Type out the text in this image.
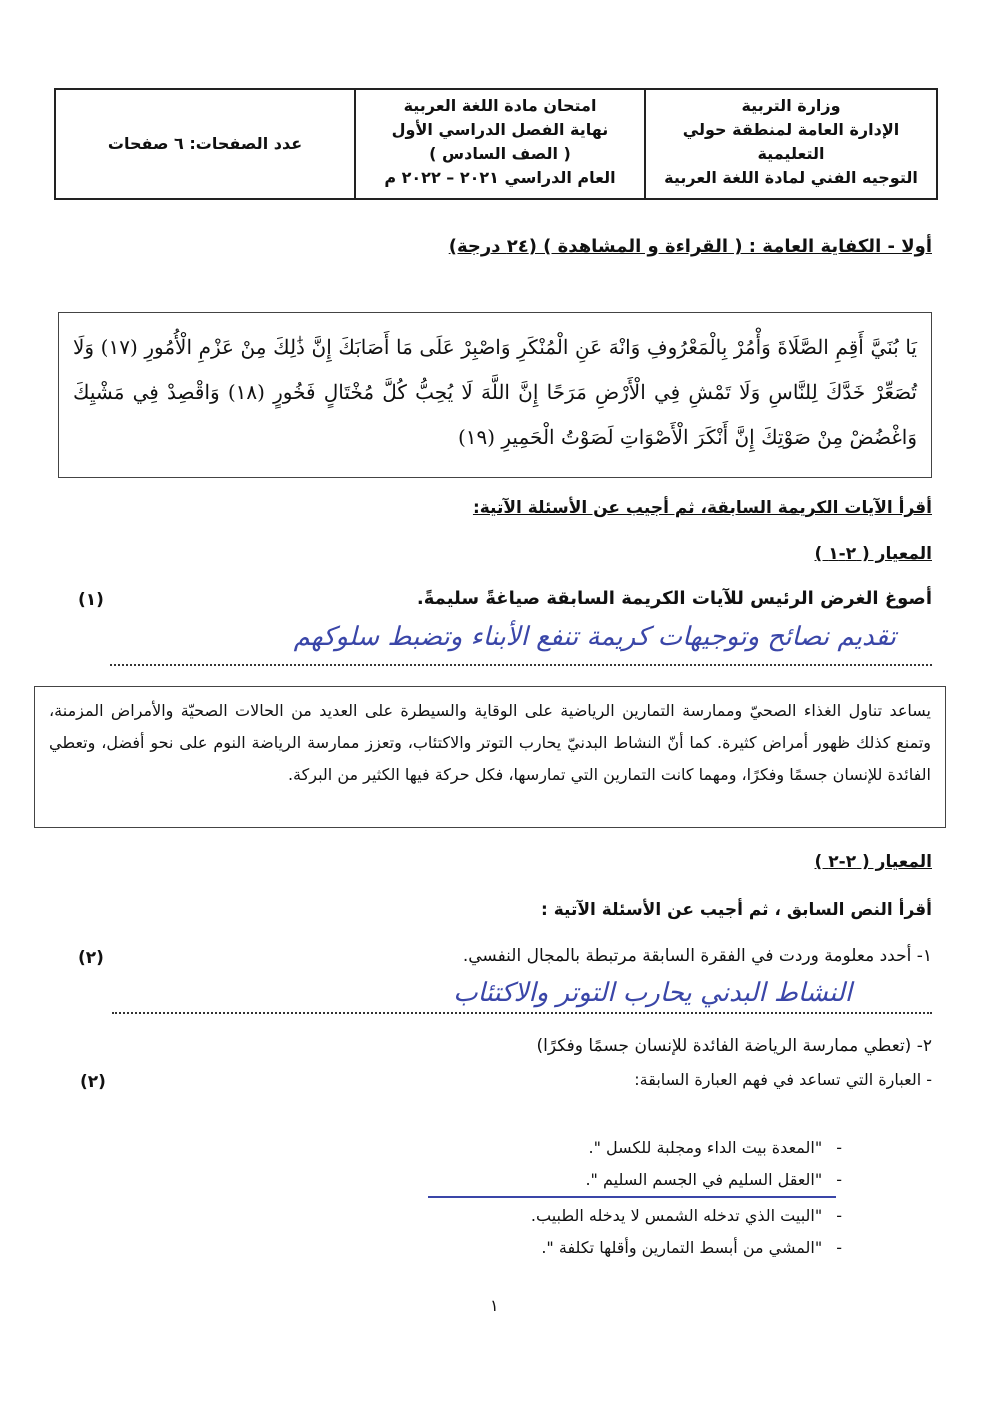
وزارة التربية
الإدارة العامة لمنطقة حولي التعليمية
التوجيه الفني لمادة اللغة العربية
امتحان مادة اللغة العربية
نهاية الفصل الدراسي الأول
( الصف السادس )
العام الدراسي ٢٠٢١ – ٢٠٢٢ م
عدد الصفحات: ٦ صفحات
أولا - الكفاية العامة : ( القراءة و المشاهدة ) (٢٤ درجة)
يَا بُنَيَّ أَقِمِ الصَّلَاةَ وَأْمُرْ بِالْمَعْرُوفِ وَانْهَ عَنِ الْمُنْكَرِ وَاصْبِرْ عَلَى مَا أَصَابَكَ إِنَّ ذَٰلِكَ مِنْ عَزْمِ الْأُمُورِ (١٧) وَلَا تُصَعِّرْ خَدَّكَ لِلنَّاسِ وَلَا تَمْشِ فِي الْأَرْضِ مَرَحًا إِنَّ اللَّهَ لَا يُحِبُّ كُلَّ مُخْتَالٍ فَخُورٍ (١٨) وَاقْصِدْ فِي مَشْيِكَ وَاغْضُضْ مِنْ صَوْتِكَ إِنَّ أَنْكَرَ الْأَصْوَاتِ لَصَوْتُ الْحَمِيرِ (١٩)
أقرأ الآيات الكريمة السابقة، ثم أجيب عن الأسئلة الآتية:
المعيار ( ٢-١ )
أصوغ الغرض الرئيس للآيات الكريمة السابقة صياغةً سليمةً.
(١)
تقديم نصائح وتوجيهات كريمة تنفع الأبناء وتضبط سلوكهم
يساعد تناول الغذاء الصحيّ وممارسة التمارين الرياضية على الوقاية والسيطرة على العديد من الحالات الصحيّة والأمراض المزمنة، وتمنع كذلك ظهور أمراض كثيرة. كما أنّ النشاط البدنيّ يحارب التوتر والاكتئاب، وتعزز ممارسة الرياضة النوم على نحو أفضل، وتعطي الفائدة للإنسان جسمًا وفكرًا، ومهما كانت التمارين التي تمارسها، فكل حركة فيها الكثير من البركة.
المعيار ( ٢-٢ )
أقرأ النص السابق ، ثم أجيب عن الأسئلة الآتية :
١- أحدد معلومة وردت في الفقرة السابقة مرتبطة بالمجال النفسي.
(٢)
النشاط البدني يحارب التوتر والاكتئاب
٢- (تعطي ممارسة الرياضة الفائدة للإنسان جسمًا وفكرًا)
- العبارة التي تساعد في فهم العبارة السابقة:
(٢)
-
"المعدة بيت الداء ومجلبة للكسل ".
-
"العقل السليم في الجسم السليم ".
-
"البيت الذي تدخله الشمس لا يدخله الطبيب.
-
"المشي من أبسط التمارين وأقلها تكلفة ".
١
